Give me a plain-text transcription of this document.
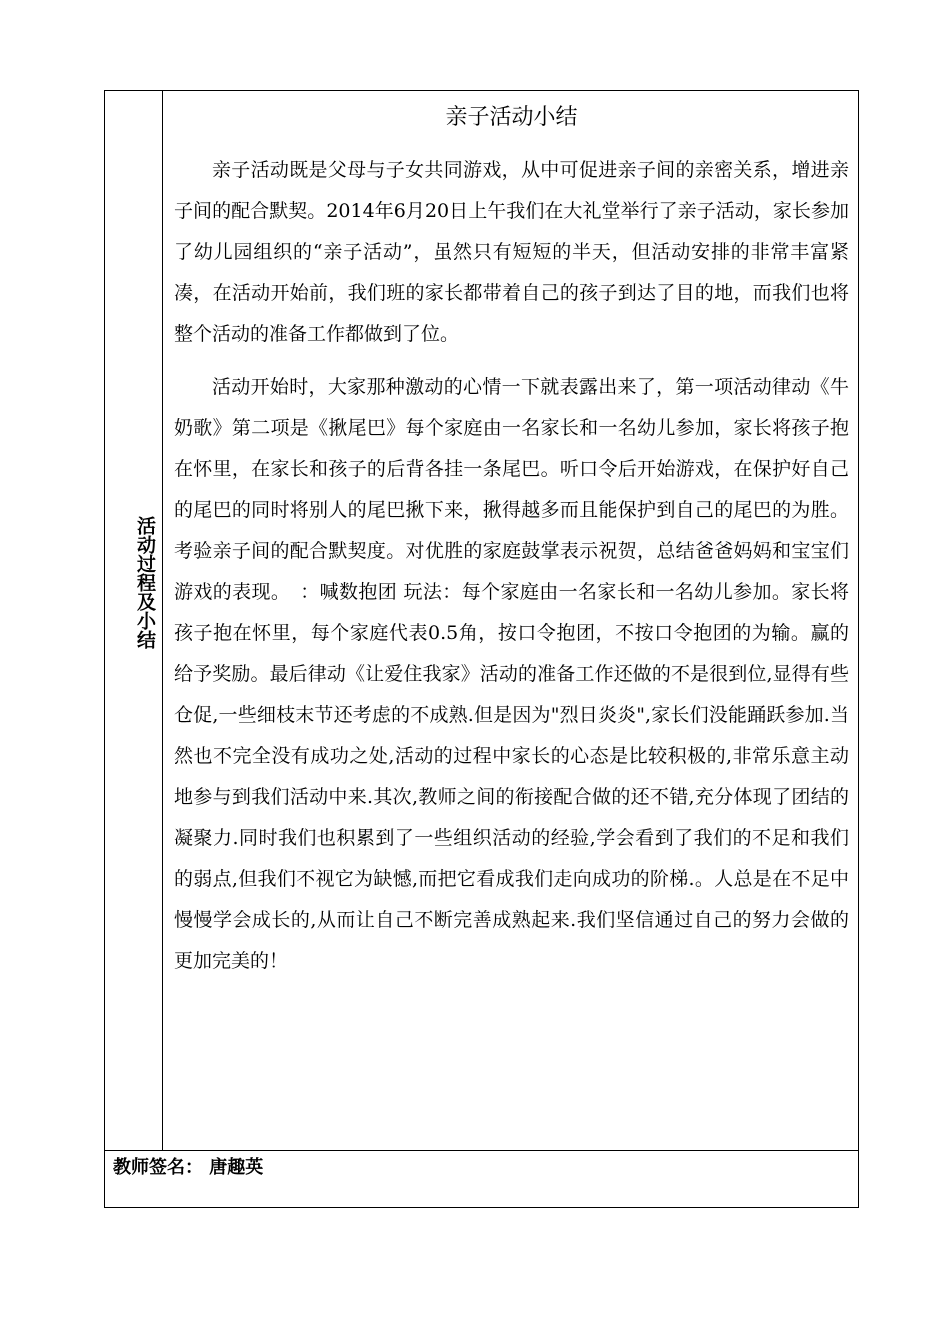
活动过程及小结
亲子活动小结

亲子活动既是父母与子女共同游戏，从中可促进亲子间的亲密关系，增进亲子间的配合默契。2014年6月20日上午我们在大礼堂举行了亲子活动，家长参加了幼儿园组织的“亲子活动”，虽然只有短短的半天，但活动安排的非常丰富紧凑，在活动开始前，我们班的家长都带着自己的孩子到达了目的地，而我们也将整个活动的准备工作都做到了位。

活动开始时，大家那种激动的心情一下就表露出来了，第一项活动律动《牛奶歌》第二项是《揪尾巴》每个家庭由一名家长和一名幼儿参加，家长将孩子抱在怀里，在家长和孩子的后背各挂一条尾巴。听口令后开始游戏，在保护好自己的尾巴的同时将别人的尾巴揪下来，揪得越多而且能保护到自己的尾巴的为胜。考验亲子间的配合默契度。对优胜的家庭鼓掌表示祝贺，总结爸爸妈妈和宝宝们游戏的表现。　：喊数抱团 玩法：每个家庭由一名家长和一名幼儿参加。家长将孩子抱在怀里，每个家庭代表0.5角，按口令抱团，不按口令抱团的为输。赢的给予奖励。最后律动《让爱住我家》活动的准备工作还做的不是很到位,显得有些仓促,一些细枝末节还考虑的不成熟.但是因为"烈日炎炎",家长们没能踊跃参加.当然也不完全没有成功之处,活动的过程中家长的心态是比较积极的,非常乐意主动地参与到我们活动中来.其次,教师之间的衔接配合做的还不错,充分体现了团结的凝聚力.同时我们也积累到了一些组织活动的经验,学会看到了我们的不足和我们的弱点,但我们不视它为缺憾,而把它看成我们走向成功的阶梯.。人总是在不足中慢慢学会成长的,从而让自己不断完善成熟起来.我们坚信通过自己的努力会做的更加完美的！

教师签名： 唐趣英
